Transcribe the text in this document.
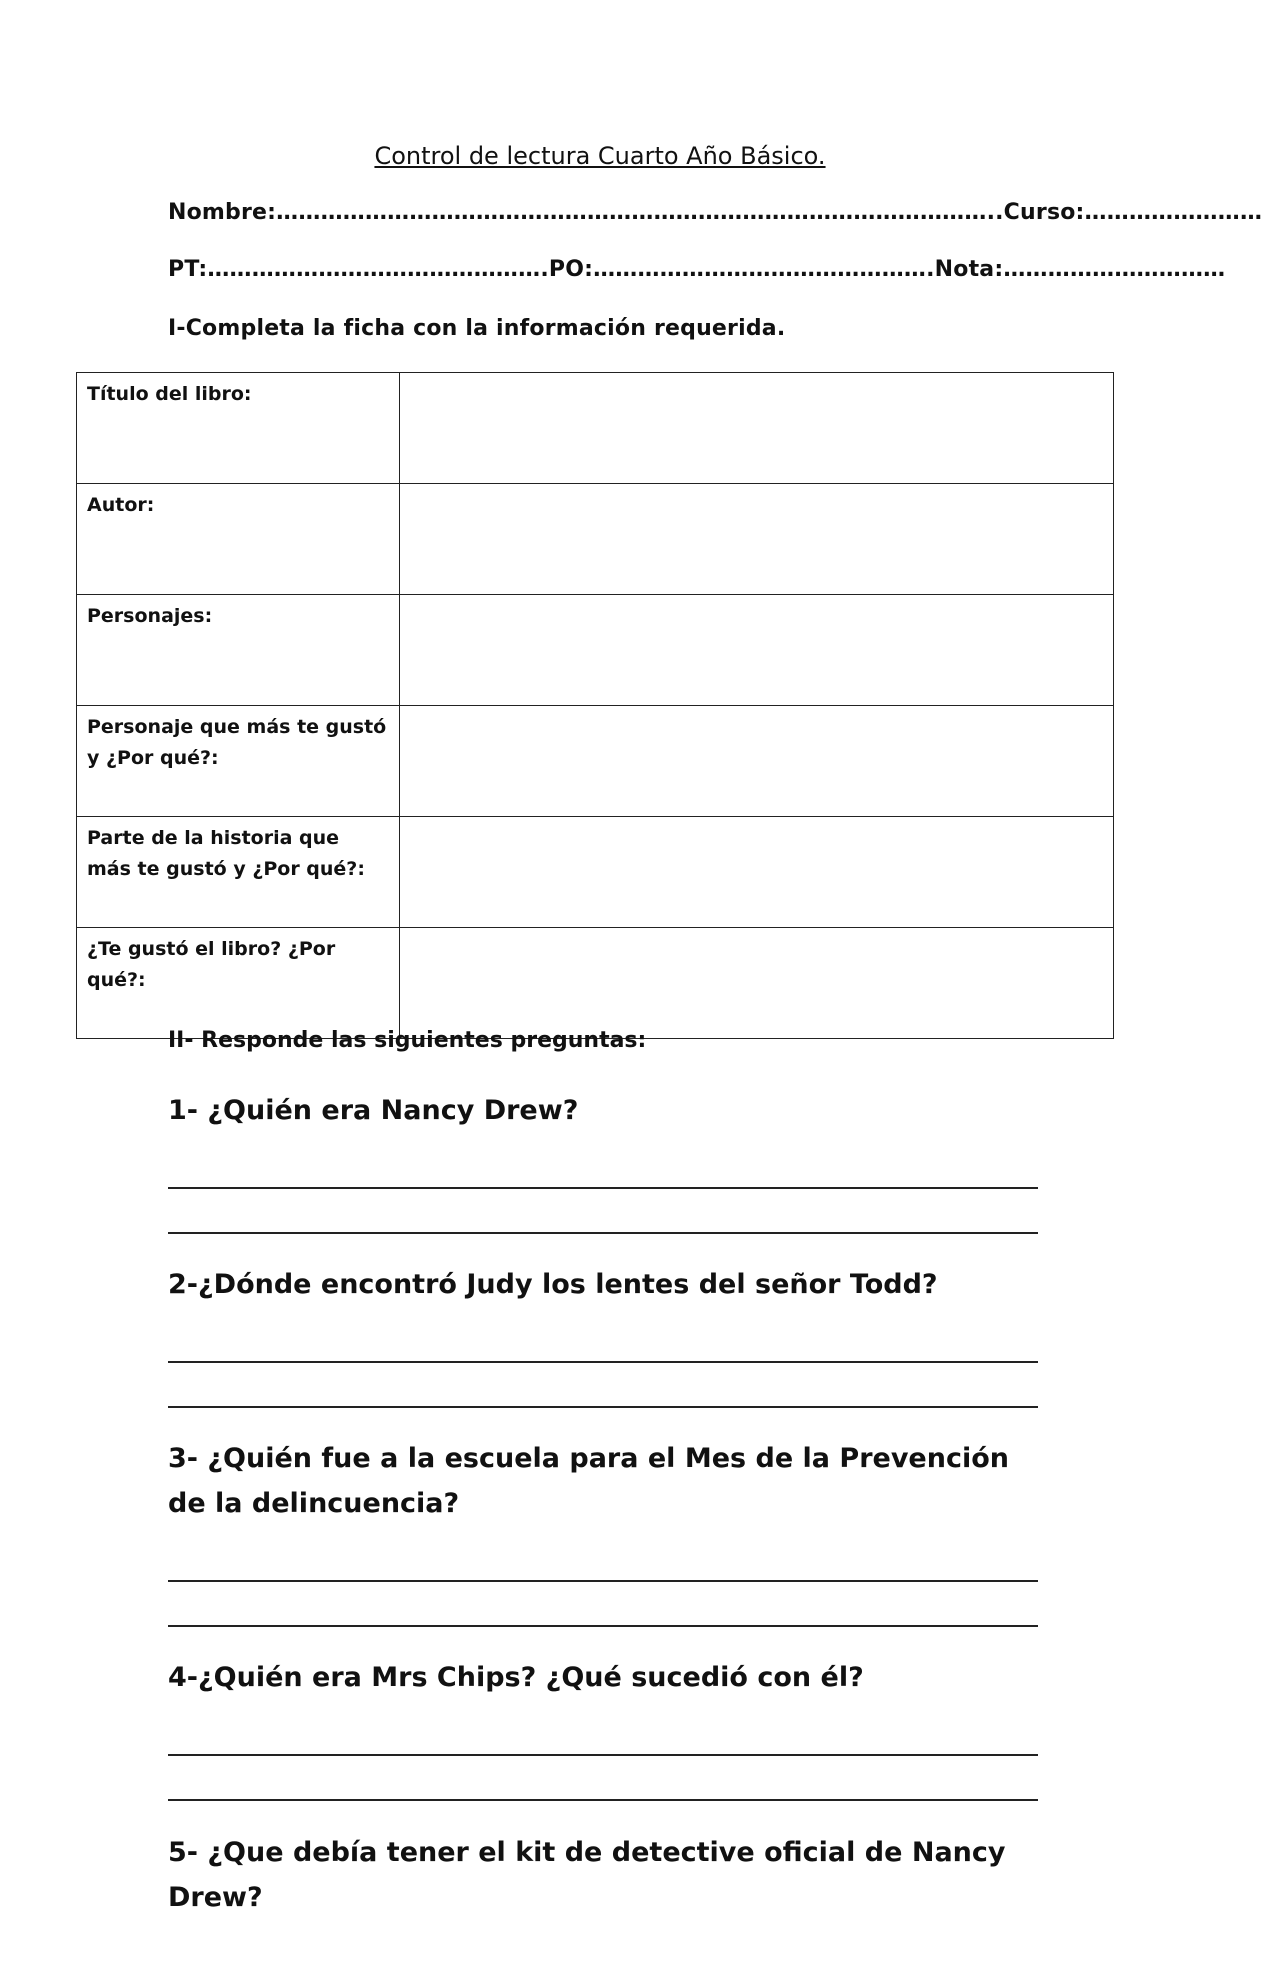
Control de lectura Cuarto Año Básico.
Nombre:……………………………………………………………………………………..Curso:……………………
PT:……………………………………….PO:……………………………………….Nota:…………………………
I-Completa la ficha con la información requerida.
Título del libro:	
Autor:	
Personajes:	
Personaje que más te gustó y ¿Por qué?:	
Parte de la historia que más te gustó y ¿Por qué?:	
¿Te gustó el libro? ¿Por qué?:	
II- Responde las siguientes preguntas:
1- ¿Quién era Nancy Drew?
2-¿Dónde encontró Judy los lentes del señor Todd?
3- ¿Quién fue a la escuela para el Mes de la Prevención de la delincuencia?
4-¿Quién era Mrs Chips? ¿Qué sucedió con él?
5- ¿Que debía tener el kit de detective oficial de Nancy Drew?
